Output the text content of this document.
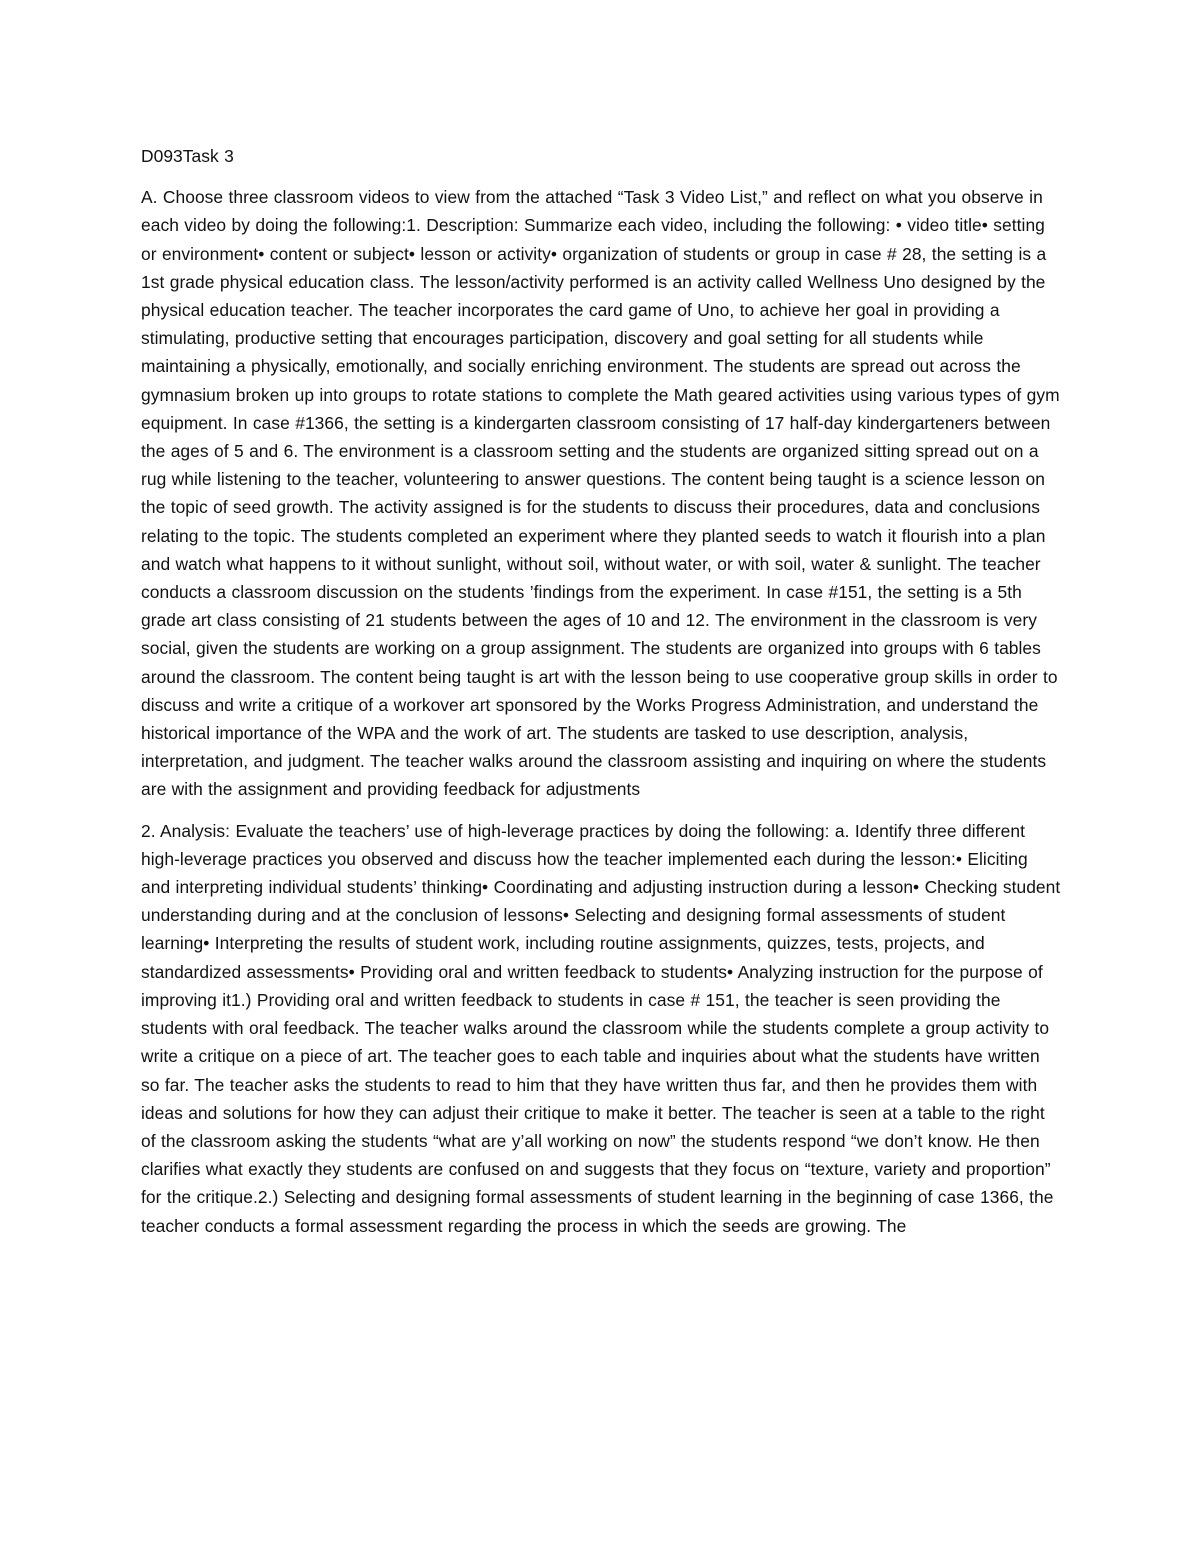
D093Task 3

A. Choose three classroom videos to view from the attached “Task 3 Video List,” and reflect on what you observe in each video by doing the following:1. Description: Summarize each video, including the following: • video title• setting or environment• content or subject• lesson or activity• organization of students or group in case # 28, the setting is a 1st grade physical education class. The lesson/activity performed is an activity called Wellness Uno designed by the physical education teacher. The teacher incorporates the card game of Uno, to achieve her goal in providing a stimulating, productive setting that encourages participation, discovery and goal setting for all students while maintaining a physically, emotionally, and socially enriching environment. The students are spread out across the gymnasium broken up into groups to rotate stations to complete the Math geared activities using various types of gym equipment. In case #1366, the setting is a kindergarten classroom consisting of 17 half-day kindergarteners between the ages of 5 and 6. The environment is a classroom setting and the students are organized sitting spread out on a rug while listening to the teacher, volunteering to answer questions. The content being taught is a science lesson on the topic of seed growth. The activity assigned is for the students to discuss their procedures, data and conclusions relating to the topic. The students completed an experiment where they planted seeds to watch it flourish into a plan and watch what happens to it without sunlight, without soil, without water, or with soil, water & sunlight. The teacher conducts a classroom discussion on the students ’findings from the experiment. In case #151, the setting is a 5th grade art class consisting of 21 students between the ages of 10 and 12. The environment in the classroom is very social, given the students are working on a group assignment. The students are organized into groups with 6 tables around the classroom. The content being taught is art with the lesson being to use cooperative group skills in order to discuss and write a critique of a workover art sponsored by the Works Progress Administration, and understand the historical importance of the WPA and the work of art. The students are tasked to use description, analysis, interpretation, and judgment. The teacher walks around the classroom assisting and inquiring on where the students are with the assignment and providing feedback for adjustments

2. Analysis: Evaluate the teachers’ use of high-leverage practices by doing the following: a. Identify three different high-leverage practices you observed and discuss how the teacher implemented each during the lesson:• Eliciting and interpreting individual students’ thinking• Coordinating and adjusting instruction during a lesson• Checking student understanding during and at the conclusion of lessons• Selecting and designing formal assessments of student learning• Interpreting the results of student work, including routine assignments, quizzes, tests, projects, and standardized assessments• Providing oral and written feedback to students• Analyzing instruction for the purpose of improving it1.) Providing oral and written feedback to students in case # 151, the teacher is seen providing the students with oral feedback. The teacher walks around the classroom while the students complete a group activity to write a critique on a piece of art. The teacher goes to each table and inquiries about what the students have written so far. The teacher asks the students to read to him that they have written thus far, and then he provides them with ideas and solutions for how they can adjust their critique to make it better. The teacher is seen at a table to the right of the classroom asking the students “what are y’all working on now” the students respond “we don’t know. He then clarifies what exactly they students are confused on and suggests that they focus on “texture, variety and proportion” for the critique.2.) Selecting and designing formal assessments of student learning in the beginning of case 1366, the teacher conducts a formal assessment regarding the process in which the seeds are growing. The
